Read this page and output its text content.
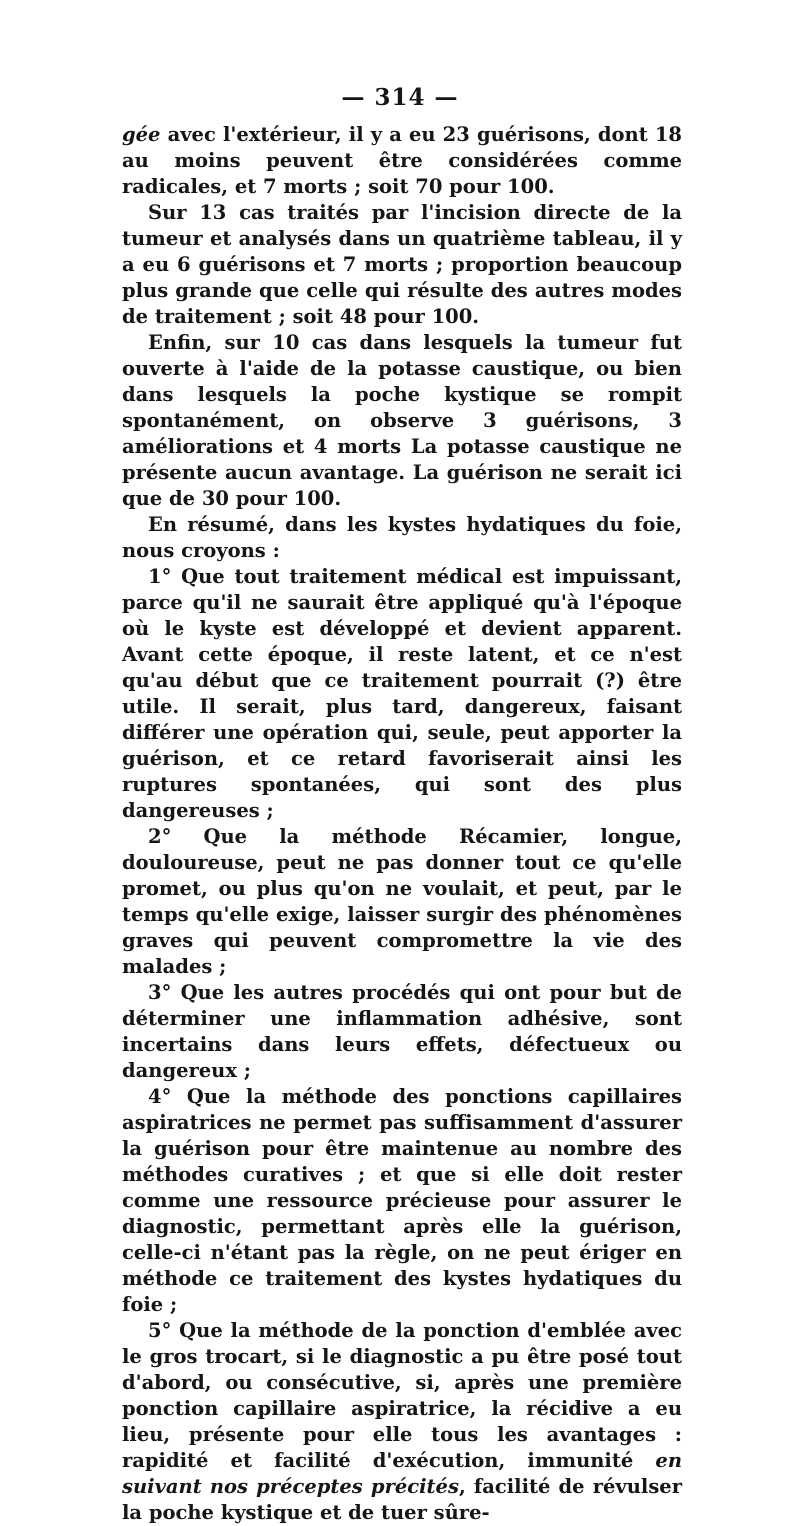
— 314 —

gée avec l'extérieur, il y a eu 23 guérisons, dont 18 au moins peuvent être considérées comme radicales, et 7 morts ; soit 70 pour 100.

Sur 13 cas traités par l'incision directe de la tumeur et analysés dans un quatrième tableau, il y a eu 6 guérisons et 7 morts ; proportion beaucoup plus grande que celle qui résulte des autres modes de traitement ; soit 48 pour 100.

Enfin, sur 10 cas dans lesquels la tumeur fut ouverte à l'aide de la potasse caustique, ou bien dans lesquels la poche kystique se rompit spontanément, on observe 3 guérisons, 3 améliorations et 4 morts La potasse caustique ne présente aucun avantage. La guérison ne serait ici que de 30 pour 100.

En résumé, dans les kystes hydatiques du foie, nous croyons :

1° Que tout traitement médical est impuissant, parce qu'il ne saurait être appliqué qu'à l'époque où le kyste est développé et devient apparent. Avant cette époque, il reste latent, et ce n'est qu'au début que ce traitement pourrait (?) être utile. Il serait, plus tard, dangereux, faisant différer une opération qui, seule, peut apporter la guérison, et ce retard favoriserait ainsi les ruptures spontanées, qui sont des plus dangereuses ;

2° Que la méthode Récamier, longue, douloureuse, peut ne pas donner tout ce qu'elle promet, ou plus qu'on ne voulait, et peut, par le temps qu'elle exige, laisser surgir des phénomènes graves qui peuvent compromettre la vie des malades ;

3° Que les autres procédés qui ont pour but de déterminer une inflammation adhésive, sont incertains dans leurs effets, défectueux ou dangereux ;

4° Que la méthode des ponctions capillaires aspiratrices ne permet pas suffisamment d'assurer la guérison pour être maintenue au nombre des méthodes curatives ; et que si elle doit rester comme une ressource précieuse pour assurer le diagnostic, permettant après elle la guérison, celle-ci n'étant pas la règle, on ne peut ériger en méthode ce traitement des kystes hydatiques du foie ;

5° Que la méthode de la ponction d'emblée avec le gros trocart, si le diagnostic a pu être posé tout d'abord, ou consécutive, si, après une première ponction capillaire aspiratrice, la récidive a eu lieu, présente pour elle tous les avantages : rapidité et facilité d'exécution, immunité en suivant nos préceptes précités, facilité de révulser la poche kystique et de tuer sûre-
